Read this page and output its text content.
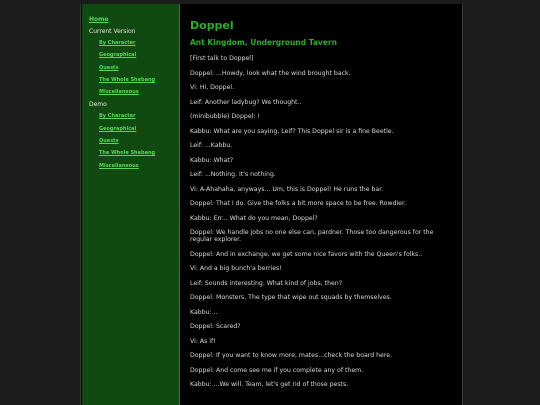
Home
Current Version
By Character
Geographical
Quests
The Whole Shebang
Miscellaneous
Demo
By Character
Geographical
Quests
The Whole Shebang
Miscellaneous
Doppel
Ant Kingdom, Underground Tavern

[First talk to Doppel]

Doppel: ...Howdy, look what the wind brought back.

Vi: Hi, Doppel.

Leif: Another ladybug? We thought..

(minibubble) Doppel: !

Kabbu: What are you saying, Leif? This Doppel sir is a fine Beetle.

Leif: ...Kabbu.

Kabbu: What?

Leif: ...Nothing. It's nothing.

Vi: A-Ahahaha, anyways... Um, this is Doppel! He runs the bar.

Doppel: That I do. Give the folks a bit more space to be free. Rowdier.

Kabbu: Err... What do you mean, Doppel?

Doppel: We handle jobs no one else can, pardner. Those too dangerous for the regular explorer.

Doppel: And in exchange, we get some nice favors with the Queen's folks..

Vi: And a big bunch'a berries!

Leif: Sounds interesting. What kind of jobs, then?

Doppel: Monsters. The type that wipe out squads by themselves.

Kabbu: ..

Doppel: Scared?

Vi: As if!

Doppel: If you want to know more, mates...check the board here.

Doppel: And come see me if you complete any of them.

Kabbu: ...We will. Team, let's get rid of those pests.
